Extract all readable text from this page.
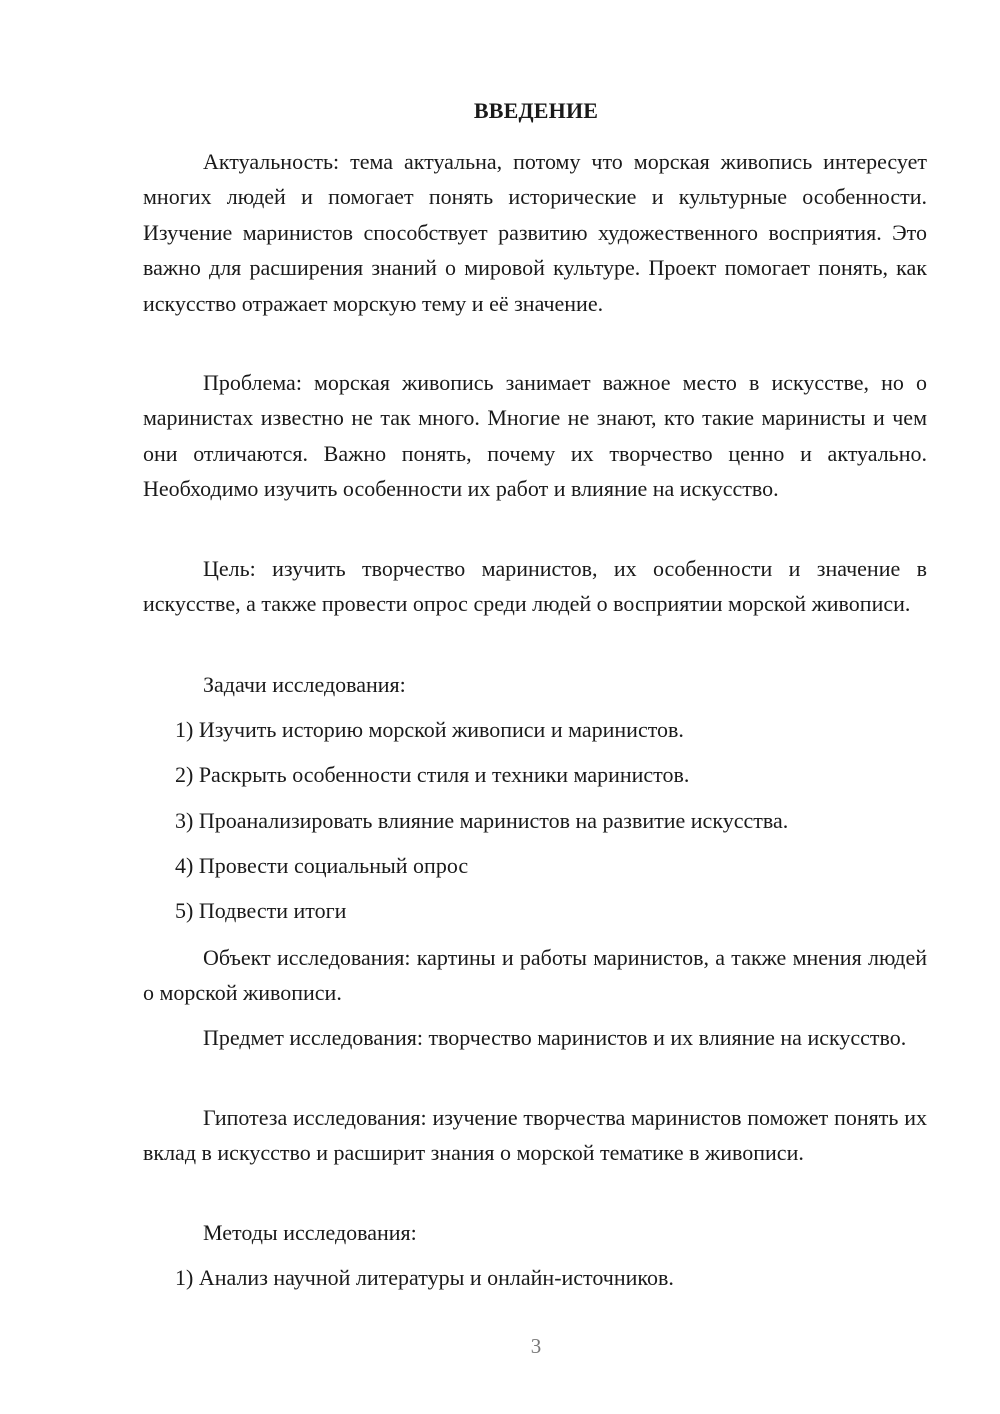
ВВЕДЕНИЕ

Актуальность: тема актуальна, потому что морская живопись интересует многих людей и помогает понять исторические и культурные особенности. Изучение маринистов способствует развитию художественного восприятия. Это важно для расширения знаний о мировой культуре. Проект помогает понять, как искусство отражает морскую тему и её значение.

Проблема: морская живопись занимает важное место в искусстве, но о маринистах известно не так много. Многие не знают, кто такие маринисты и чем они отличаются. Важно понять, почему их творчество ценно и актуально. Необходимо изучить особенности их работ и влияние на искусство.

Цель: изучить творчество маринистов, их особенности и значение в искусстве, а также провести опрос среди людей о восприятии морской живописи.

Задачи исследования:
1) Изучить историю морской живописи и маринистов.
2) Раскрыть особенности стиля и техники маринистов.
3) Проанализировать влияние маринистов на развитие искусства.
4) Провести социальный опрос
5) Подвести итоги

Объект исследования: картины и работы маринистов, а также мнения людей о морской живописи.

Предмет исследования: творчество маринистов и их влияние на искусство.

Гипотеза исследования: изучение творчества маринистов поможет понять их вклад в искусство и расширит знания о морской тематике в живописи.

Методы исследования:
1) Анализ научной литературы и онлайн-источников.
3
